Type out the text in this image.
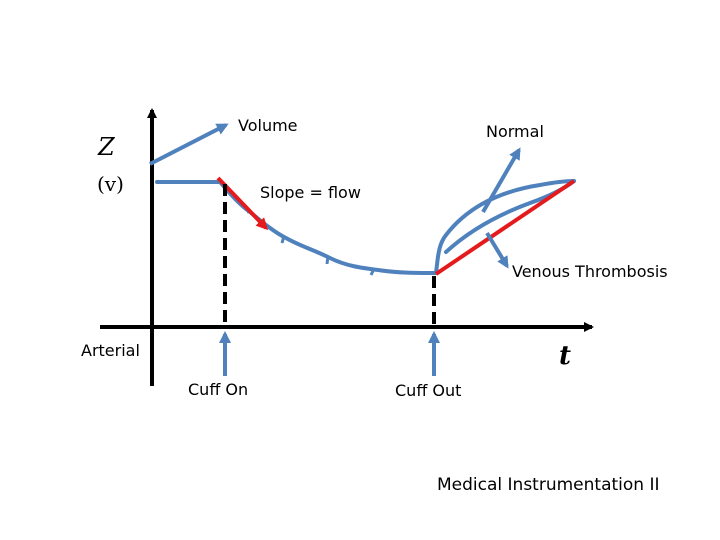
Z
(v)
t
Volume	Normal
Slope = flow
Venous Thrombosis
Arterial
Cuff On	Cuff Out
Medical Instrumentation II
